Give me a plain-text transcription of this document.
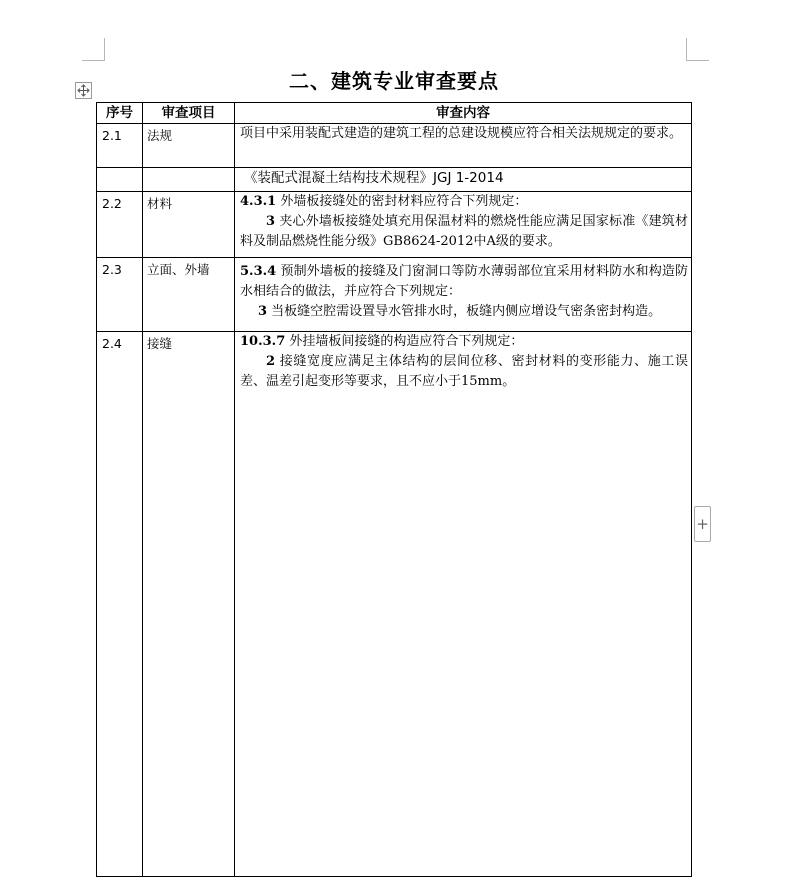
二、建筑专业审查要点
序号	审查项目	审查内容
2.1	法规	项目中采用装配式建造的建筑工程的总建设规模应符合相关法规规定的要求。
		《装配式混凝土结构技术规程》JGJ 1-2014
2.2	材料	4.3.1 外墙板接缝处的密封材料应符合下列规定：

3 夹心外墙板接缝处填充用保温材料的燃烧性能应满足国家标准《建筑材料及制品燃烧性能分级》GB8624-2012中A级的要求。

2.3	立面、外墙	5.3.4 预制外墙板的接缝及门窗洞口等防水薄弱部位宜采用材料防水和构造防水相结合的做法，并应符合下列规定：

3 当板缝空腔需设置导水管排水时，板缝内侧应增设气密条密封构造。

2.4	接缝	10.3.7 外挂墙板间接缝的构造应符合下列规定：

2 接缝宽度应满足主体结构的层间位移、密封材料的变形能力、施工误差、温差引起变形等要求，且不应小于15mm。

+
